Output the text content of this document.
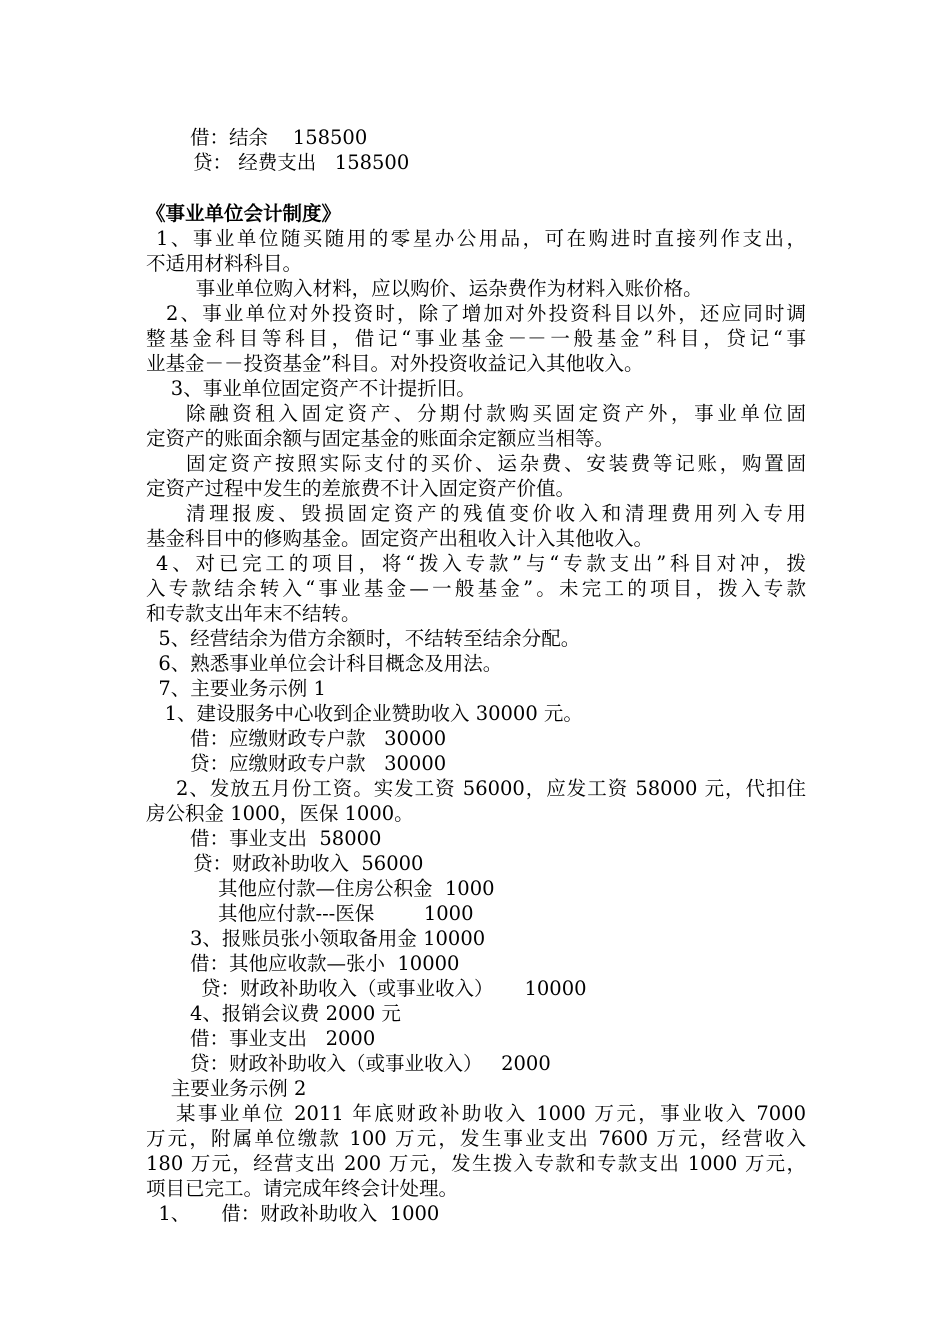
借：结余    158500
贷： 经费支出   158500
《事业单位会计制度》
1、事业单位随买随用的零星办公用品，可在购进时直接列作支出，
不适用材料科目。
事业单位购入材料，应以购价、运杂费作为材料入账价格。
2、事业单位对外投资时，除了增加对外投资科目以外，还应同时调
整基金科目等科目，借记“事业基金－－一般基金”科目，贷记“事
业基金－－投资基金”科目。对外投资收益记入其他收入。
3、事业单位固定资产不计提折旧。
除融资租入固定资产、分期付款购买固定资产外，事业单位固
定资产的账面余额与固定基金的账面余定额应当相等。
固定资产按照实际支付的买价、运杂费、安装费等记账，购置固
定资产过程中发生的差旅费不计入固定资产价值。
清理报废、毁损固定资产的残值变价收入和清理费用列入专用
基金科目中的修购基金。固定资产出租收入计入其他收入。
4、对已完工的项目，将“拨入专款”与“专款支出”科目对冲，拨
入专款结余转入“事业基金—一般基金”。未完工的项目，拨入专款
和专款支出年末不结转。
5、经营结余为借方余额时，不结转至结余分配。
6、熟悉事业单位会计科目概念及用法。
7、主要业务示例 1
1、建设服务中心收到企业赞助收入 30000 元。
借：应缴财政专户款   30000
贷：应缴财政专户款   30000
2、发放五月份工资。实发工资 56000，应发工资 58000 元，代扣住
房公积金 1000，医保 1000。
借：事业支出  58000
贷：财政补助收入  56000
其他应付款—住房公积金  1000
其他应付款---医保        1000
3、报账员张小领取备用金 10000
借：其他应收款—张小  10000
贷：财政补助收入（或事业收入）     10000
4、报销会议费 2000 元
借：事业支出   2000
贷：财政补助收入（或事业收入）   2000
主要业务示例 2
某事业单位 2011 年底财政补助收入 1000 万元，事业收入 7000
万元，附属单位缴款 100 万元，发生事业支出 7600 万元，经营收入
180 万元，经营支出 200 万元，发生拨入专款和专款支出 1000 万元，
项目已完工。请完成年终会计处理。
1、     借：财政补助收入  1000
